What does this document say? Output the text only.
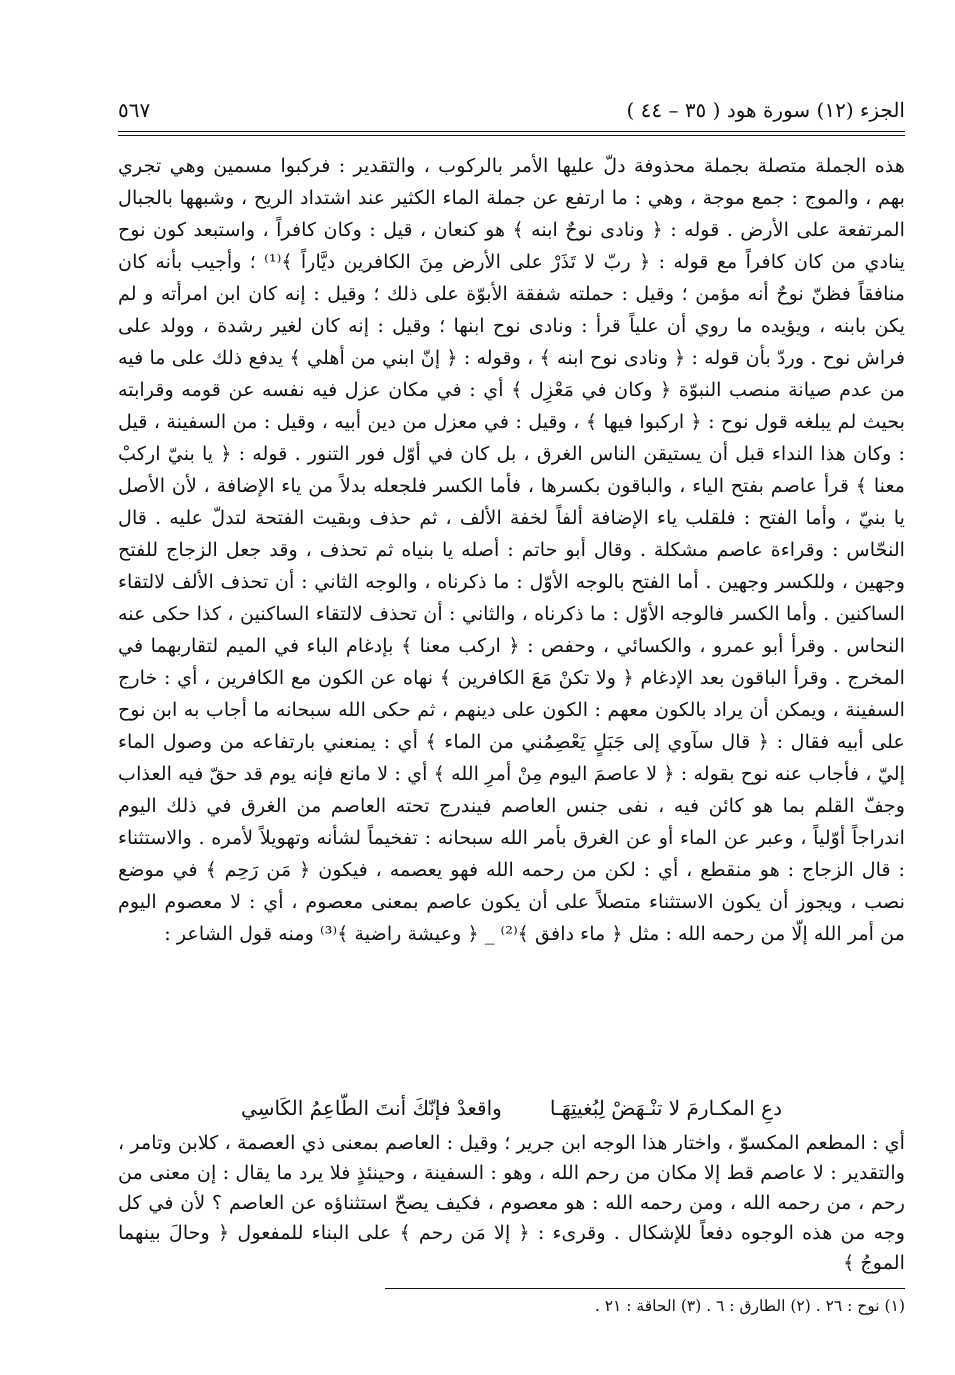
الجزء (١٢) سورة هود ( ٣٥ – ٤٤ )
٥٦٧

هذه الجملة متصلة بجملة محذوفة دلّ عليها الأمر بالركوب ، والتقدير : فركبوا مسمين وهي تجري بهم ، والموج : جمع موجة ، وهي : ما ارتفع عن جملة الماء الكثير عند اشتداد الريح ، وشبهها بالجبال المرتفعة على الأرض . قوله : ﴿ ونادى نوحٌ ابنه ﴾ هو كنعان ، قيل : وكان كافراً ، واستبعد كون نوح ينادي من كان كافراً مع قوله : ﴿ ربّ لا تَذَرْ على الأرض مِنَ الكافرين ديَّاراً ﴾⁽¹⁾ ؛ وأجيب بأنه كان منافقاً فظنّ نوحٌ أنه مؤمن ؛ وقيل : حملته شفقة الأبوّة على ذلك ؛ وقيل : إنه كان ابن امرأته و لم يكن بابنه ، ويؤيده ما روي أن علياً قرأ : ونادى نوح ابنها ؛ وقيل : إنه كان لغير رشدة ، وولد على فراش نوح . وردّ بأن قوله : ﴿ ونادى نوح ابنه ﴾ ، وقوله : ﴿ إنّ ابني من أهلي ﴾ يدفع ذلك على ما فيه من عدم صيانة منصب النبوّة ﴿ وكان في مَعْزِل ﴾ أي : في مكان عزل فيه نفسه عن قومه وقرابته بحيث لم يبلغه قول نوح : ﴿ اركبوا فيها ﴾ ، وقيل : في معزل من دين أبيه ، وقيل : من السفينة ، قيل : وكان هذا النداء قبل أن يستيقن الناس الغرق ، بل كان في أوّل فور التنور . قوله : ﴿ يا بنيّ اركبْ معنا ﴾ قرأ عاصم بفتح الياء ، والباقون بكسرها ، فأما الكسر فلجعله بدلاً من ياء الإضافة ، لأن الأصل يا بنيّ ، وأما الفتح : فلقلب ياء الإضافة ألفاً لخفة الألف ، ثم حذف وبقيت الفتحة لتدلّ عليه . قال النحّاس : وقراءة عاصم مشكلة . وقال أبو حاتم : أصله يا بنياه ثم تحذف ، وقد جعل الزجاج للفتح وجهين ، وللكسر وجهين . أما الفتح بالوجه الأوّل : ما ذكرناه ، والوجه الثاني : أن تحذف الألف لالتقاء الساكنين . وأما الكسر فالوجه الأوّل : ما ذكرناه ، والثاني : أن تحذف لالتقاء الساكنين ، كذا حكى عنه النحاس . وقرأ أبو عمرو ، والكسائي ، وحفص : ﴿ اركب معنا ﴾ بإدغام الباء في الميم لتقاربهما في المخرج . وقرأ الباقون بعد الإدغام ﴿ ولا تكنْ مَعَ الكافرين ﴾ نهاه عن الكون مع الكافرين ، أي : خارج السفينة ، ويمكن أن يراد بالكون معهم : الكون على دينهم ، ثم حكى الله سبحانه ما أجاب به ابن نوح على أبيه فقال : ﴿ قال سآوي إلى جَبَلٍ يَعْصِمُني من الماء ﴾ أي : يمنعني بارتفاعه من وصول الماء إليّ ، فأجاب عنه نوح بقوله : ﴿ لا عاصمَ اليوم مِنْ أمرِ الله ﴾ أي : لا مانع فإنه يوم قد حقّ فيه العذاب وجفّ القلم بما هو كائن فيه ، نفى جنس العاصم فيندرج تحته العاصم من الغرق في ذلك اليوم اندراجاً أوّلياً ، وعبر عن الماء أو عن الغرق بأمر الله سبحانه : تفخيماً لشأنه وتهويلاً لأمره . والاستثناء : قال الزجاج : هو منقطع ، أي : لكن من رحمه الله فهو يعصمه ، فيكون ﴿ مَن رَحِم ﴾ في موضع نصب ، ويجوز أن يكون الاستثناء متصلاً على أن يكون عاصم بمعنى معصوم ، أي : لا معصوم اليوم من أمر الله إلّا من رحمه الله : مثل ﴿ ماء دافق ﴾⁽²⁾ _ ﴿ وعيشة راضية ﴾⁽³⁾ ومنه قول الشاعر :

دعِ المكـارمَ لا تنْـهَضْ لِبُغيتِهَـا
واقعدْ فإنّكَ أنتَ الطّاعِمُ الكَاسِي

أي : المطعم المكسوّ ، واختار هذا الوجه ابن جرير ؛ وقيل : العاصم بمعنى ذي العصمة ، كلابن وتامر ، والتقدير : لا عاصم قط إلا مكان من رحم الله ، وهو : السفينة ، وحينئذٍ فلا يرد ما يقال : إن معنى من رحم ، من رحمه الله ، ومن رحمه الله : هو معصوم ، فكيف يصحّ استثناؤه عن العاصم ؟ لأن في كل وجه من هذه الوجوه دفعاً للإشكال . وقرىء : ﴿ إلا مَن رحم ﴾ على البناء للمفعول ﴿ وحالَ بينهما الموجُ ﴾

(١) نوح : ٢٦ . (٢) الطارق : ٦ . (٣) الحاقة : ٢١ .
